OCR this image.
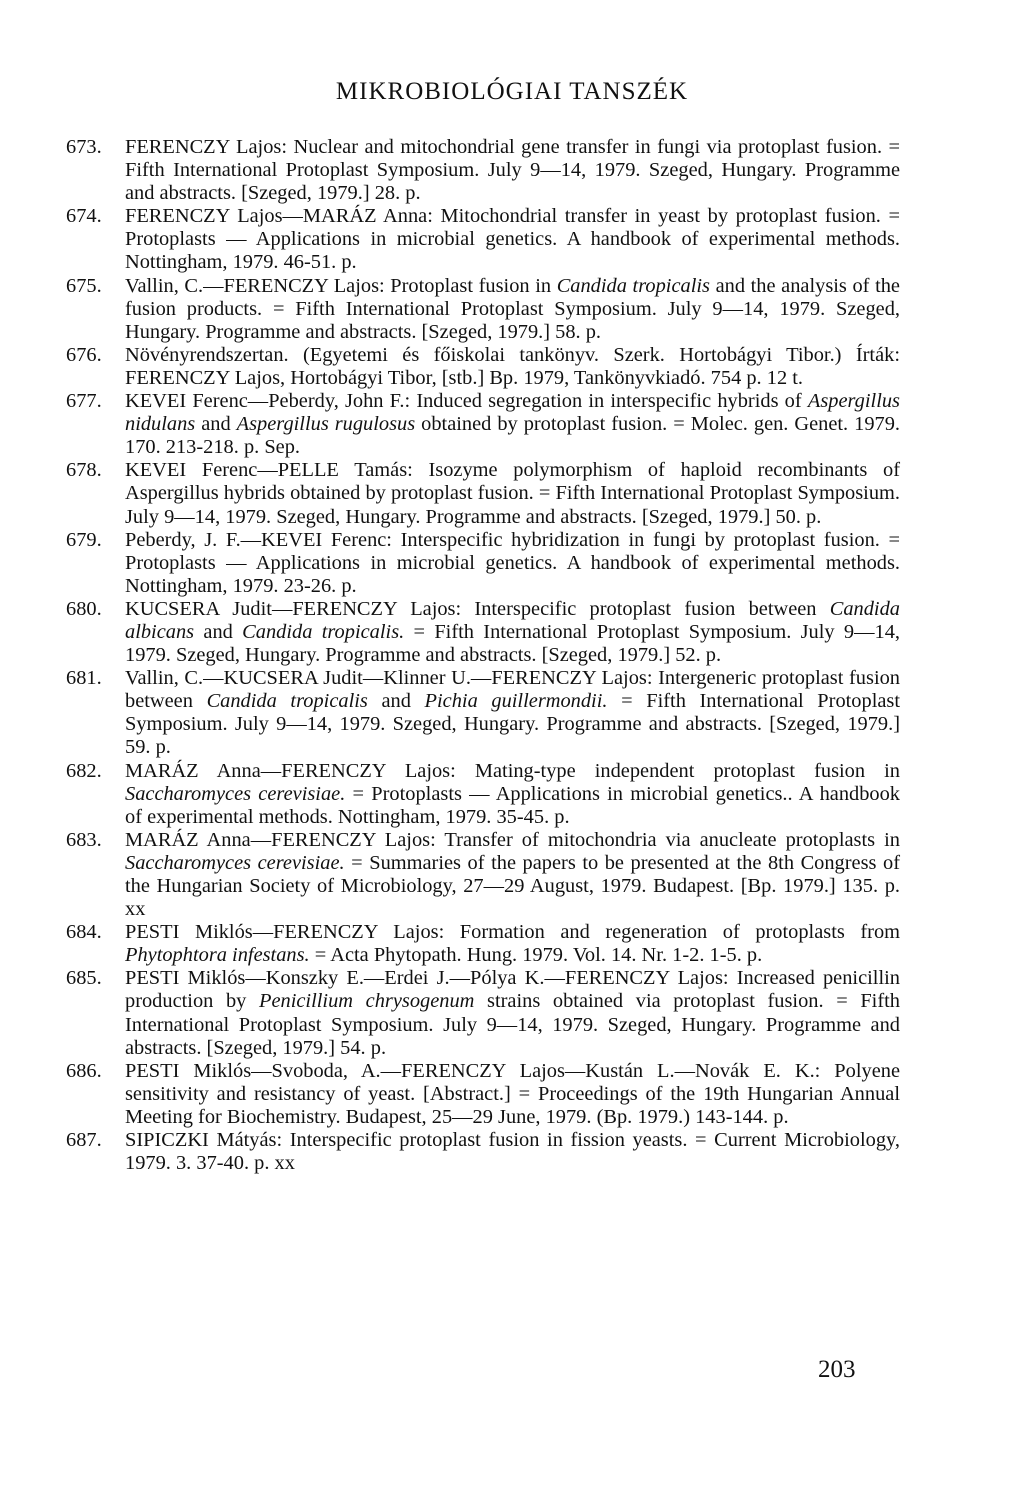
MIKROBIOLÓGIAI TANSZÉK

673.	FERENCZY Lajos: Nuclear and mitochondrial gene transfer in fungi via protoplast fusion. = Fifth International Protoplast Symposium. July 9—14, 1979. Szeged, Hungary. Programme and abstracts. [Szeged, 1979.] 28. p.

674.	FERENCZY Lajos—MARÁZ Anna: Mitochondrial transfer in yeast by protoplast fusion. = Protoplasts — Applications in microbial genetics. A handbook of experimental methods. Nottingham, 1979. 46-51. p.

675.	Vallin, C.—FERENCZY Lajos: Protoplast fusion in Candida tropicalis and the analysis of the fusion products. = Fifth International Protoplast Symposium. July 9—14, 1979. Szeged, Hungary. Programme and abstracts. [Szeged, 1979.] 58. p.

676.	Növényrendszertan. (Egyetemi és főiskolai tankönyv. Szerk. Hortobágyi Tibor.) Írták: FERENCZY Lajos, Hortobágyi Tibor, [stb.] Bp. 1979, Tankönyvkiadó. 754 p. 12 t.

677.	KEVEI Ferenc—Peberdy, John F.: Induced segregation in interspecific hybrids of Aspergillus nidulans and Aspergillus rugulosus obtained by protoplast fusion. = Molec. gen. Genet. 1979. 170. 213-218. p. Sep.

678.	KEVEI Ferenc—PELLE Tamás: Isozyme polymorphism of haploid recombinants of Aspergillus hybrids obtained by protoplast fusion. = Fifth International Protoplast Symposium. July 9—14, 1979. Szeged, Hungary. Programme and abstracts. [Szeged, 1979.] 50. p.

679.	Peberdy, J. F.—KEVEI Ferenc: Interspecific hybridization in fungi by protoplast fusion. = Protoplasts — Applications in microbial genetics. A handbook of experimental methods. Nottingham, 1979. 23-26. p.

680.	KUCSERA Judit—FERENCZY Lajos: Interspecific protoplast fusion between Candida albicans and Candida tropicalis. = Fifth International Protoplast Symposium. July 9—14, 1979. Szeged, Hungary. Programme and abstracts. [Szeged, 1979.] 52. p.

681.	Vallin, C.—KUCSERA Judit—Klinner U.—FERENCZY Lajos: Intergeneric protoplast fusion between Candida tropicalis and Pichia guillermondii. = Fifth International Protoplast Symposium. July 9—14, 1979. Szeged, Hungary. Programme and abstracts. [Szeged, 1979.] 59. p.

682.	MARÁZ Anna—FERENCZY Lajos: Mating-type independent protoplast fusion in Saccharomyces cerevisiae. = Protoplasts — Applications in microbial genetics.. A handbook of experimental methods. Nottingham, 1979. 35-45. p.

683.	MARÁZ Anna—FERENCZY Lajos: Transfer of mitochondria via anucleate protoplasts in Saccharomyces cerevisiae. = Summaries of the papers to be presented at the 8th Congress of the Hungarian Society of Microbiology, 27—29 August, 1979. Budapest. [Bp. 1979.] 135. p. xx

684.	PESTI Miklós—FERENCZY Lajos: Formation and regeneration of protoplasts from Phytophtora infestans. = Acta Phytopath. Hung. 1979. Vol. 14. Nr. 1-2. 1-5. p.

685.	PESTI Miklós—Konszky E.—Erdei J.—Pólya K.—FERENCZY Lajos: Increased penicillin production by Penicillium chrysogenum strains obtained via protoplast fusion. = Fifth International Protoplast Symposium. July 9—14, 1979. Szeged, Hungary. Programme and abstracts. [Szeged, 1979.] 54. p.

686.	PESTI Miklós—Svoboda, A.—FERENCZY Lajos—Kustán L.—Novák E. K.: Polyene sensitivity and resistancy of yeast. [Abstract.] = Proceedings of the 19th Hungarian Annual Meeting for Biochemistry. Budapest, 25—29 June, 1979. (Bp. 1979.) 143-144. p.

687.	SIPICZKI Mátyás: Interspecific protoplast fusion in fission yeasts. = Current Microbiology, 1979. 3. 37-40. p. xx

203
